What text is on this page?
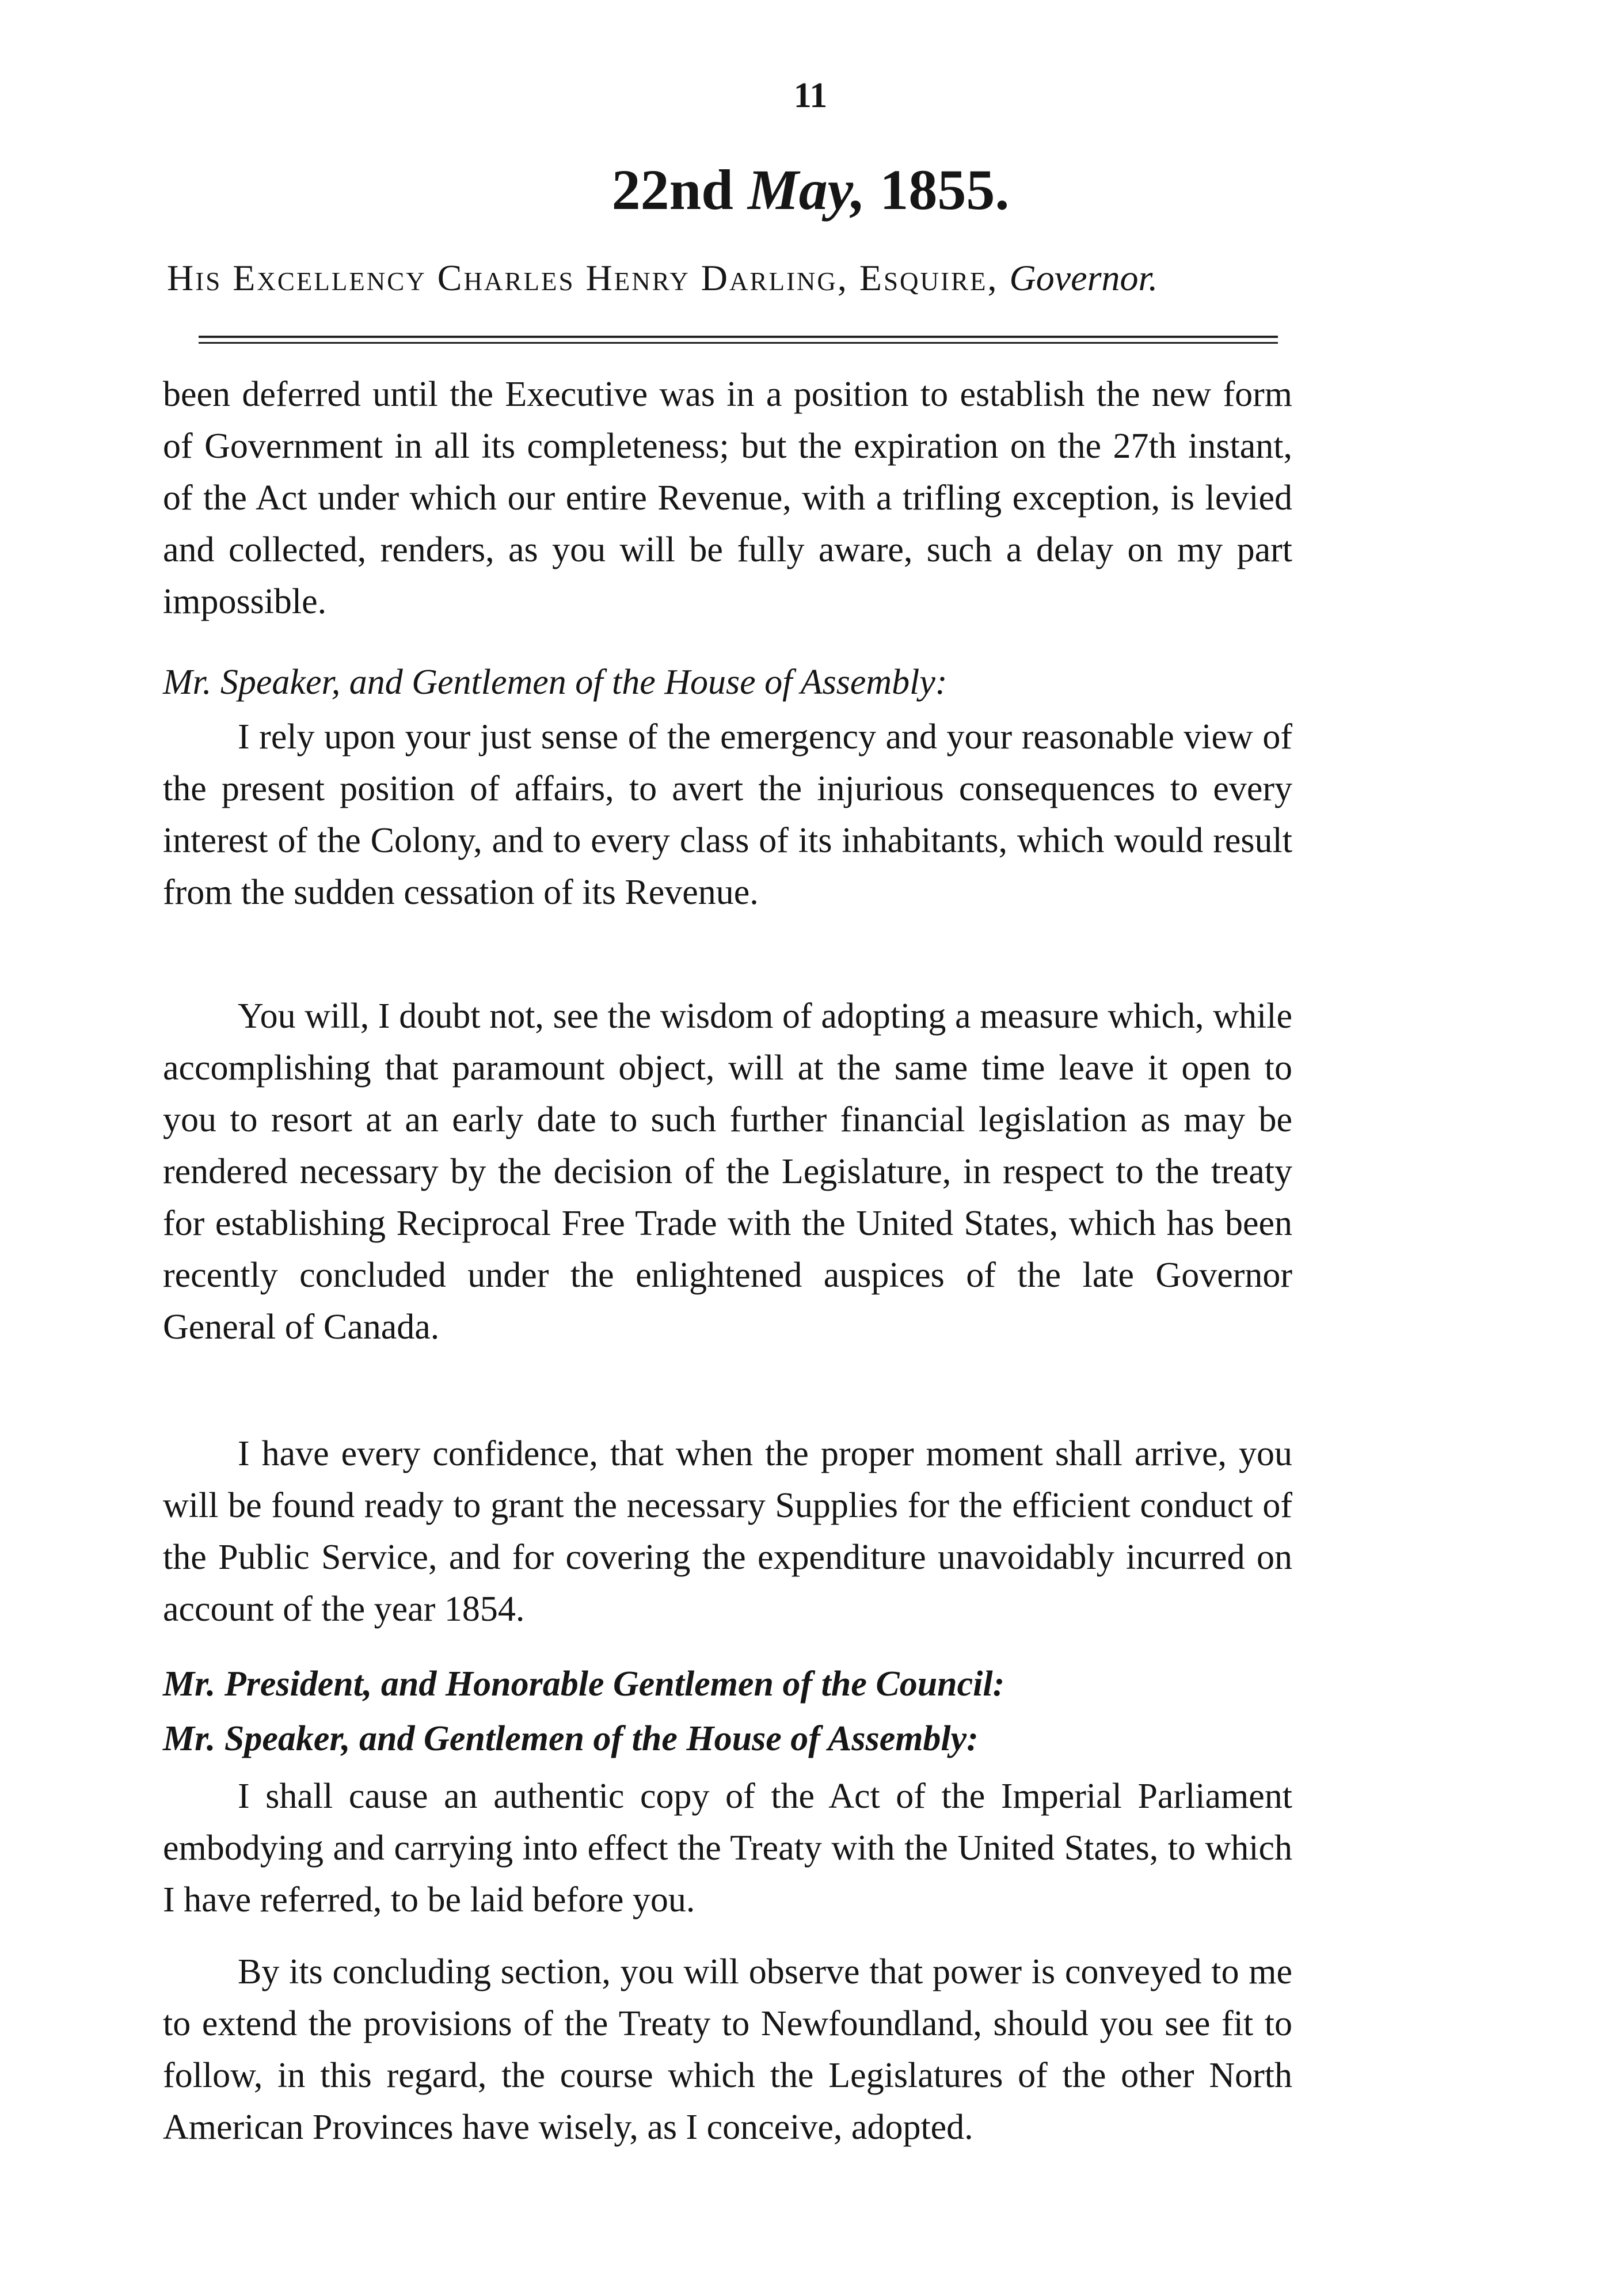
11
22nd May, 1855.
His Excellency Charles Henry Darling, Esquire, Governor.

been deferred until the Executive was in a position to establish the new form of Government in all its completeness; but the expiration on the 27th instant, of the Act under which our entire Revenue, with a trifling exception, is levied and collected, renders, as you will be fully aware, such a delay on my part impossible.

Mr. Speaker, and Gentlemen of the House of Assembly:

I rely upon your just sense of the emergency and your reasonable view of the present position of affairs, to avert the injurious consequences to every interest of the Colony, and to every class of its inhabitants, which would result from the sudden cessation of its Revenue.

You will, I doubt not, see the wisdom of adopting a measure which, while accomplishing that paramount object, will at the same time leave it open to you to resort at an early date to such further financial legislation as may be rendered necessary by the decision of the Legislature, in respect to the treaty for establishing Reciprocal Free Trade with the United States, which has been recently concluded under the enlightened auspices of the late Governor General of Canada.

I have every confidence, that when the proper moment shall arrive, you will be found ready to grant the necessary Supplies for the efficient conduct of the Public Service, and for covering the expenditure unavoidably incurred on account of the year 1854.

Mr. President, and Honorable Gentlemen of the Council:
Mr. Speaker, and Gentlemen of the House of Assembly:

I shall cause an authentic copy of the Act of the Imperial Parliament embodying and carrying into effect the Treaty with the United States, to which I have referred, to be laid before you.

By its concluding section, you will observe that power is conveyed to me to extend the provisions of the Treaty to Newfoundland, should you see fit to follow, in this regard, the course which the Legislatures of the other North American Provinces have wisely, as I conceive, adopted.
